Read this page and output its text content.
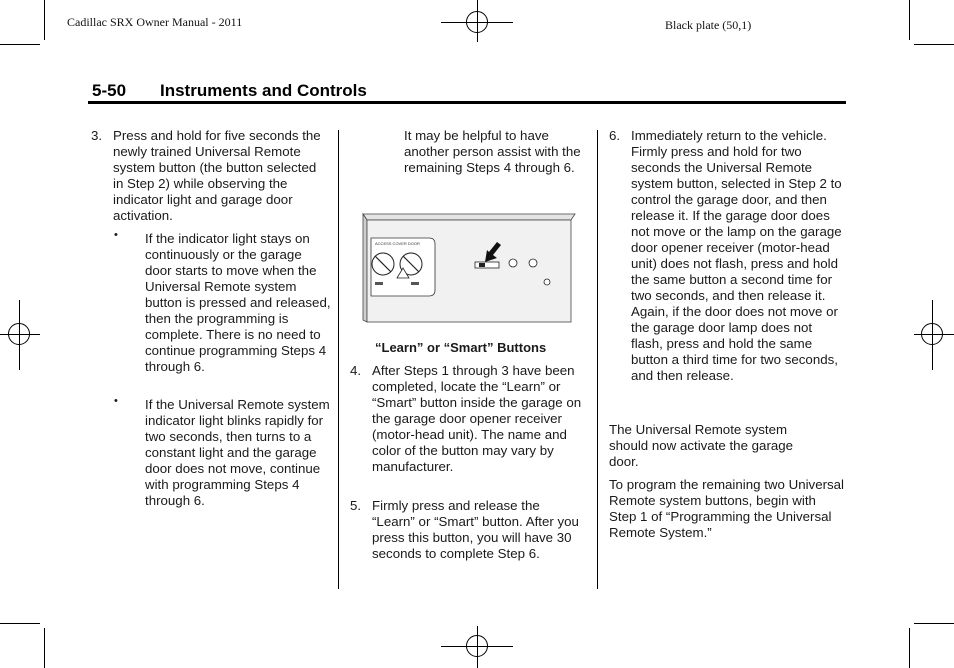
Cadillac SRX Owner Manual - 2011	Black plate (50,1)
5-50 Instruments and Controls
3. Press and hold for five seconds the newly trained Universal Remote system button (the button selected in Step 2) while observing the indicator light and garage door activation.
• If the indicator light stays on continuously or the garage door starts to move when the Universal Remote system button is pressed and released, then the programming is complete. There is no need to continue programming Steps 4 through 6.
• If the Universal Remote system indicator light blinks rapidly for two seconds, then turns to a constant light and the garage door does not move, continue with programming Steps 4 through 6.
It may be helpful to have another person assist with the remaining Steps 4 through 6.
ACCESS COVER DOOR
“Learn” or “Smart” Buttons
4. After Steps 1 through 3 have been completed, locate the “Learn” or “Smart” button inside the garage on the garage door opener receiver (motor-head unit). The name and color of the button may vary by manufacturer.
5. Firmly press and release the “Learn” or “Smart” button. After you press this button, you will have 30 seconds to complete Step 6.
6. Immediately return to the vehicle. Firmly press and hold for two seconds the Universal Remote system button, selected in Step 2 to control the garage door, and then release it. If the garage door does not move or the lamp on the garage door opener receiver (motor-head unit) does not flash, press and hold the same button a second time for two seconds, and then release it. Again, if the door does not move or the garage door lamp does not flash, press and hold the same button a third time for two seconds, and then release.
The Universal Remote system should now activate the garage door.
To program the remaining two Universal Remote system buttons, begin with Step 1 of “Programming the Universal Remote System.”
